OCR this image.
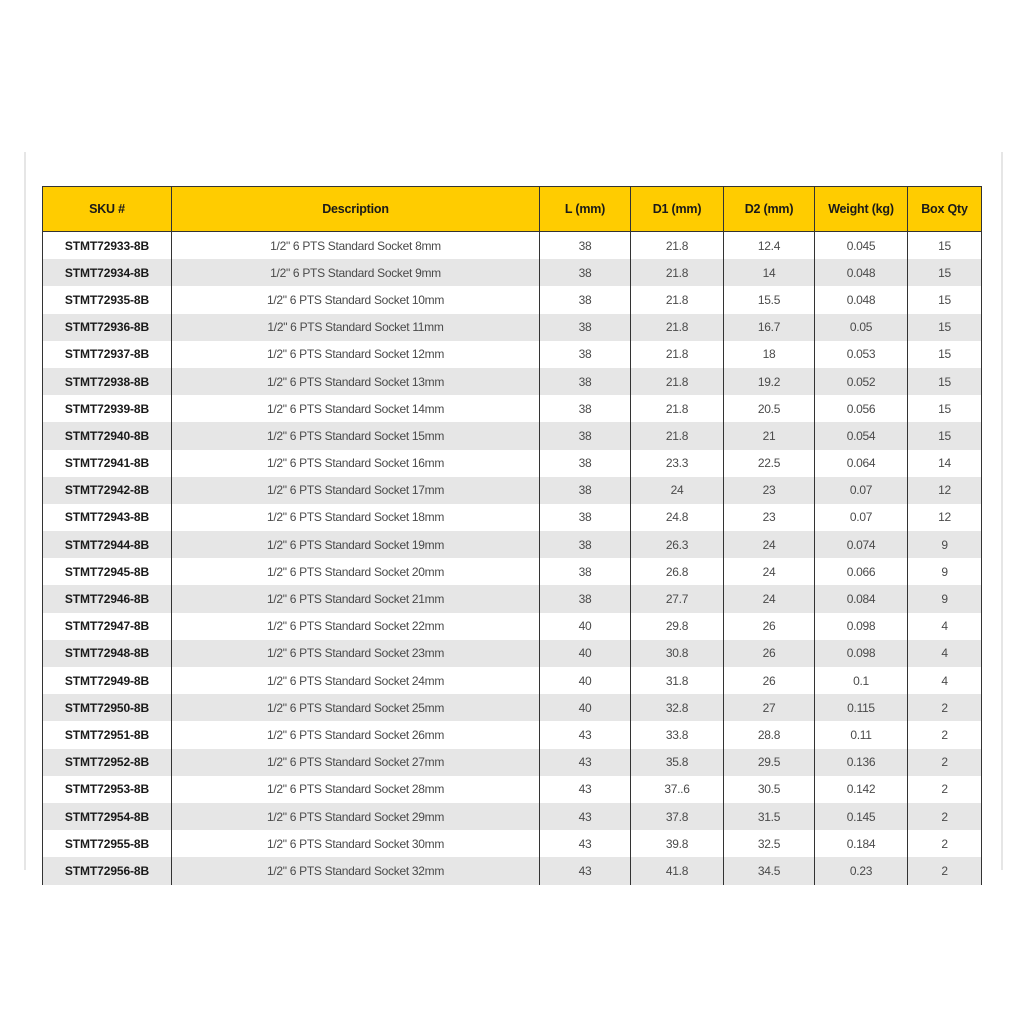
SKU #	Description	L (mm)	D1 (mm)	D2 (mm)	Weight (kg)	Box Qty
STMT72933-8B	1/2" 6 PTS Standard Socket 8mm	38	21.8	12.4	0.045	15
STMT72934-8B	1/2" 6 PTS Standard Socket 9mm	38	21.8	14	0.048	15
STMT72935-8B	1/2" 6 PTS Standard Socket 10mm	38	21.8	15.5	0.048	15
STMT72936-8B	1/2" 6 PTS Standard Socket 11mm	38	21.8	16.7	0.05	15
STMT72937-8B	1/2" 6 PTS Standard Socket 12mm	38	21.8	18	0.053	15
STMT72938-8B	1/2" 6 PTS Standard Socket 13mm	38	21.8	19.2	0.052	15
STMT72939-8B	1/2" 6 PTS Standard Socket 14mm	38	21.8	20.5	0.056	15
STMT72940-8B	1/2" 6 PTS Standard Socket 15mm	38	21.8	21	0.054	15
STMT72941-8B	1/2" 6 PTS Standard Socket 16mm	38	23.3	22.5	0.064	14
STMT72942-8B	1/2" 6 PTS Standard Socket 17mm	38	24	23	0.07	12
STMT72943-8B	1/2" 6 PTS Standard Socket 18mm	38	24.8	23	0.07	12
STMT72944-8B	1/2" 6 PTS Standard Socket 19mm	38	26.3	24	0.074	9
STMT72945-8B	1/2" 6 PTS Standard Socket 20mm	38	26.8	24	0.066	9
STMT72946-8B	1/2" 6 PTS Standard Socket 21mm	38	27.7	24	0.084	9
STMT72947-8B	1/2" 6 PTS Standard Socket 22mm	40	29.8	26	0.098	4
STMT72948-8B	1/2" 6 PTS Standard Socket 23mm	40	30.8	26	0.098	4
STMT72949-8B	1/2" 6 PTS Standard Socket 24mm	40	31.8	26	0.1	4
STMT72950-8B	1/2" 6 PTS Standard Socket 25mm	40	32.8	27	0.115	2
STMT72951-8B	1/2" 6 PTS Standard Socket 26mm	43	33.8	28.8	0.11	2
STMT72952-8B	1/2" 6 PTS Standard Socket 27mm	43	35.8	29.5	0.136	2
STMT72953-8B	1/2" 6 PTS Standard Socket 28mm	43	37..6	30.5	0.142	2
STMT72954-8B	1/2" 6 PTS Standard Socket 29mm	43	37.8	31.5	0.145	2
STMT72955-8B	1/2" 6 PTS Standard Socket 30mm	43	39.8	32.5	0.184	2
STMT72956-8B	1/2" 6 PTS Standard Socket 32mm	43	41.8	34.5	0.23	2
